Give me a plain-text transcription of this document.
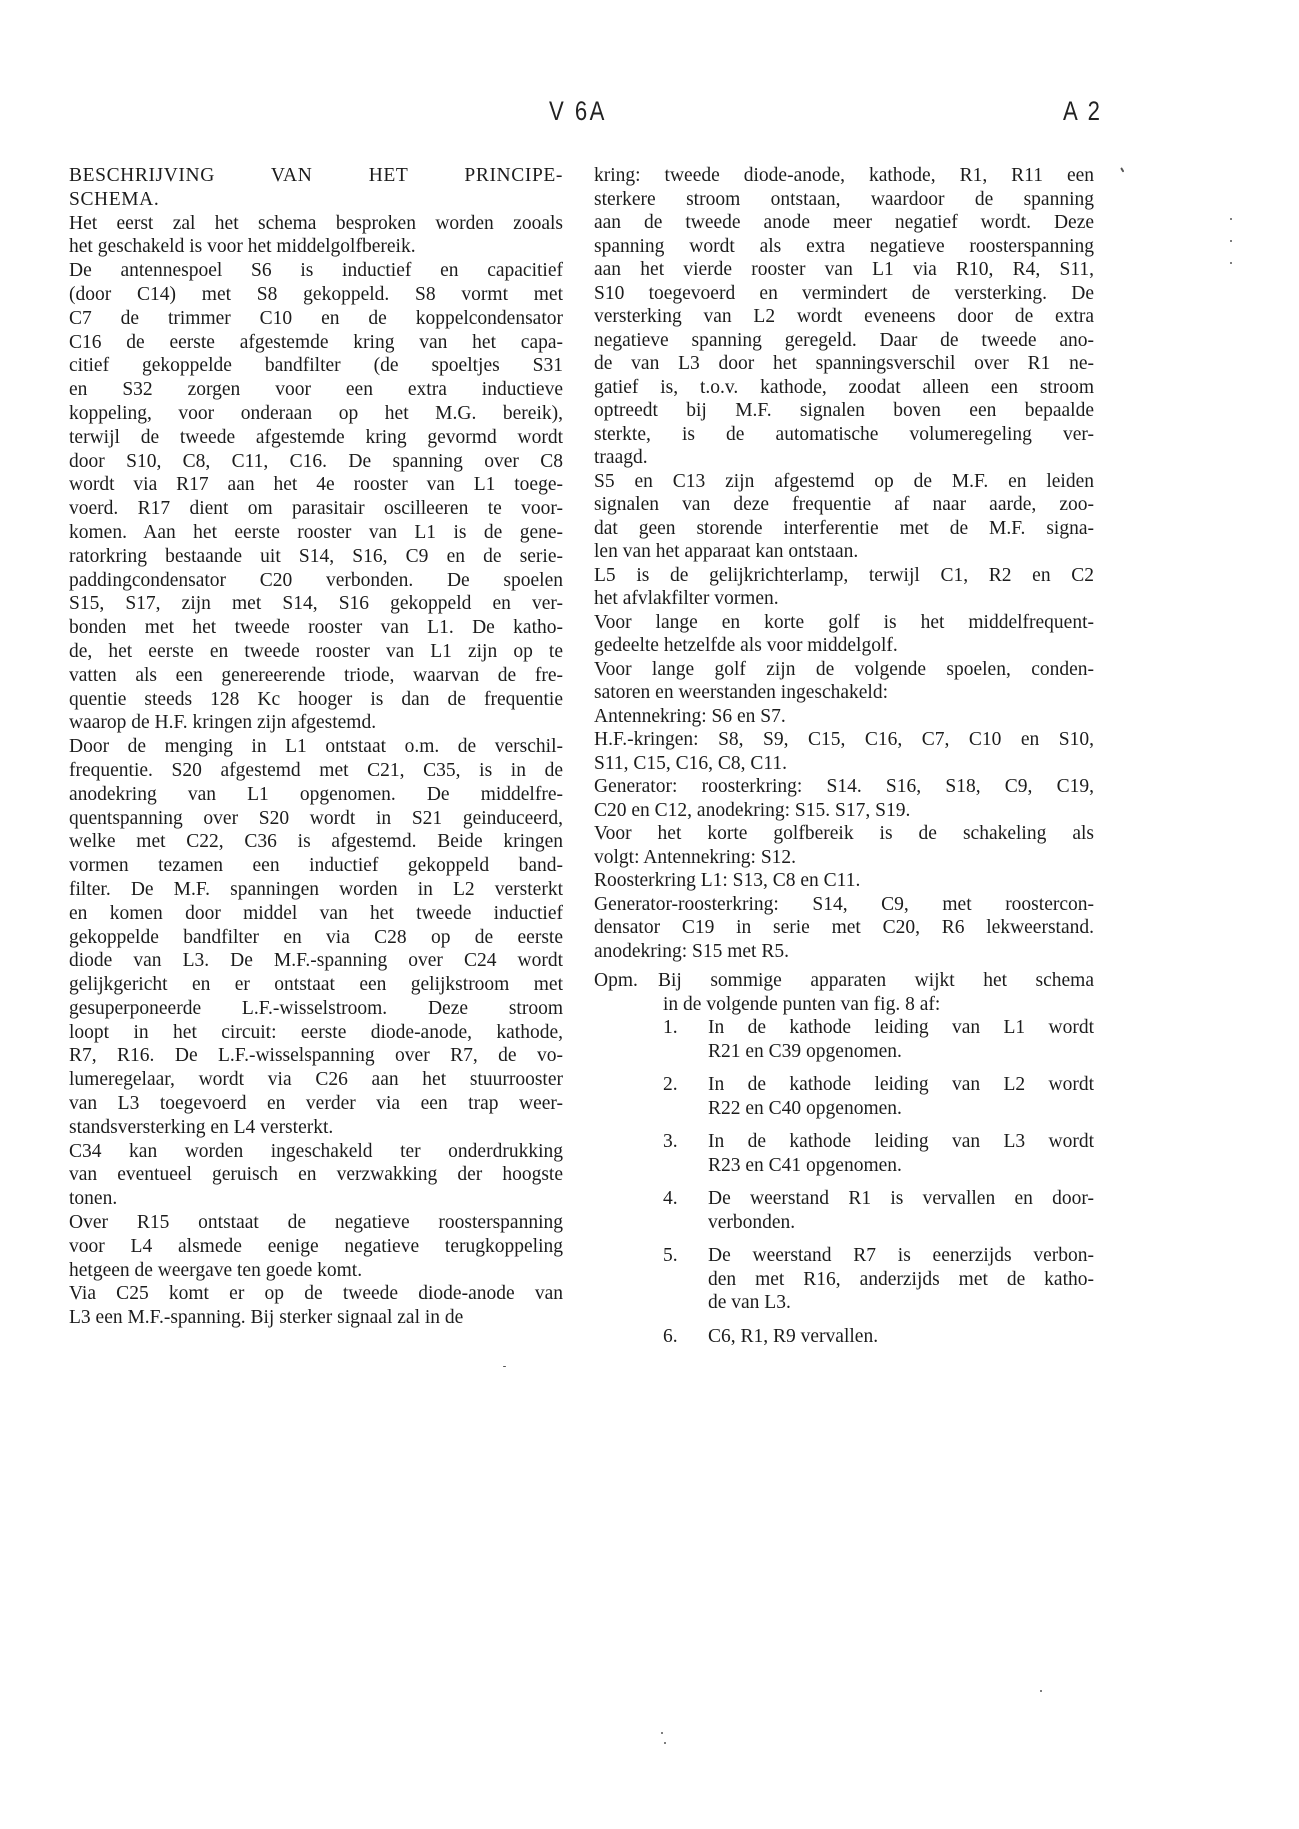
V 6A	A 2
BESCHRIJVING VAN HET PRINCIPE-
SCHEMA.
Het eerst zal het schema besproken worden zooals
het geschakeld is voor het middelgolfbereik.
De antennespoel S6 is inductief en capacitief
(door C14) met S8 gekoppeld. S8 vormt met
C7 de trimmer C10 en de koppelcondensator
C16 de eerste afgestemde kring van het capa-
citief gekoppelde bandfilter (de spoeltjes S31
en S32 zorgen voor een extra inductieve
koppeling, voor onderaan op het M.G. bereik),
terwijl de tweede afgestemde kring gevormd wordt
door S10, C8, C11, C16. De spanning over C8
wordt via R17 aan het 4e rooster van L1 toege-
voerd. R17 dient om parasitair oscilleeren te voor-
komen. Aan het eerste rooster van L1 is de gene-
ratorkring bestaande uit S14, S16, C9 en de serie-
paddingcondensator C20 verbonden. De spoelen
S15, S17, zijn met S14, S16 gekoppeld en ver-
bonden met het tweede rooster van L1. De katho-
de, het eerste en tweede rooster van L1 zijn op te
vatten als een genereerende triode, waarvan de fre-
quentie steeds 128 Kc hooger is dan de frequentie
waarop de H.F. kringen zijn afgestemd.
Door de menging in L1 ontstaat o.m. de verschil-
frequentie. S20 afgestemd met C21, C35, is in de
anodekring van L1 opgenomen. De middelfre-
quentspanning over S20 wordt in S21 geinduceerd,
welke met C22, C36 is afgestemd. Beide kringen
vormen tezamen een inductief gekoppeld band-
filter. De M.F. spanningen worden in L2 versterkt
en komen door middel van het tweede inductief
gekoppelde bandfilter en via C28 op de eerste
diode van L3. De M.F.-spanning over C24 wordt
gelijkgericht en er ontstaat een gelijkstroom met
gesuperponeerde L.F.-wisselstroom. Deze stroom
loopt in het circuit: eerste diode-anode, kathode,
R7, R16. De L.F.-wisselspanning over R7, de vo-
lumeregelaar, wordt via C26 aan het stuurrooster
van L3 toegevoerd en verder via een trap weer-
standsversterking en L4 versterkt.
C34 kan worden ingeschakeld ter onderdrukking
van eventueel geruisch en verzwakking der hoogste
tonen.
Over R15 ontstaat de negatieve roosterspanning
voor L4 alsmede eenige negatieve terugkoppeling
hetgeen de weergave ten goede komt.
Via C25 komt er op de tweede diode-anode van
L3 een M.F.-spanning. Bij sterker signaal zal in de
kring: tweede diode-anode, kathode, R1, R11 een
sterkere stroom ontstaan, waardoor de spanning
aan de tweede anode meer negatief wordt. Deze
spanning wordt als extra negatieve roosterspanning
aan het vierde rooster van L1 via R10, R4, S11,
S10 toegevoerd en vermindert de versterking. De
versterking van L2 wordt eveneens door de extra
negatieve spanning geregeld. Daar de tweede ano-
de van L3 door het spanningsverschil over R1 ne-
gatief is, t.o.v. kathode, zoodat alleen een stroom
optreedt bij M.F. signalen boven een bepaalde
sterkte, is de automatische volumeregeling ver-
traagd.
S5 en C13 zijn afgestemd op de M.F. en leiden
signalen van deze frequentie af naar aarde, zoo-
dat geen storende interferentie met de M.F. signa-
len van het apparaat kan ontstaan.
L5 is de gelijkrichterlamp, terwijl C1, R2 en C2
het afvlakfilter vormen.
Voor lange en korte golf is het middelfrequent-
gedeelte hetzelfde als voor middelgolf.
Voor lange golf zijn de volgende spoelen, conden-
satoren en weerstanden ingeschakeld:
Antennekring: S6 en S7.
H.F.-kringen: S8, S9, C15, C16, C7, C10 en S10,
S11, C15, C16, C8, C11.
Generator: roosterkring: S14. S16, S18, C9, C19,
C20 en C12, anodekring: S15. S17, S19.
Voor het korte golfbereik is de schakeling als
volgt: Antennekring: S12.
Roosterkring L1: S13, C8 en C11.
Generator-roosterkring: S14, C9, met roostercon-
densator C19 in serie met C20, R6 lekweerstand.
anodekring: S15 met R5.
Opm.	Bij sommige apparaten wijkt het schema
in de volgende punten van fig. 8 af:
1.	In de kathode leiding van L1 wordt
R21 en C39 opgenomen.
2.	In de kathode leiding van L2 wordt
R22 en C40 opgenomen.
3.	In de kathode leiding van L3 wordt
R23 en C41 opgenomen.
4.	De weerstand R1 is vervallen en door-
verbonden.
5.	De weerstand R7 is eenerzijds verbon-
den met R16, anderzijds met de katho-
de van L3.
6.	C6, R1, R9 vervallen.
